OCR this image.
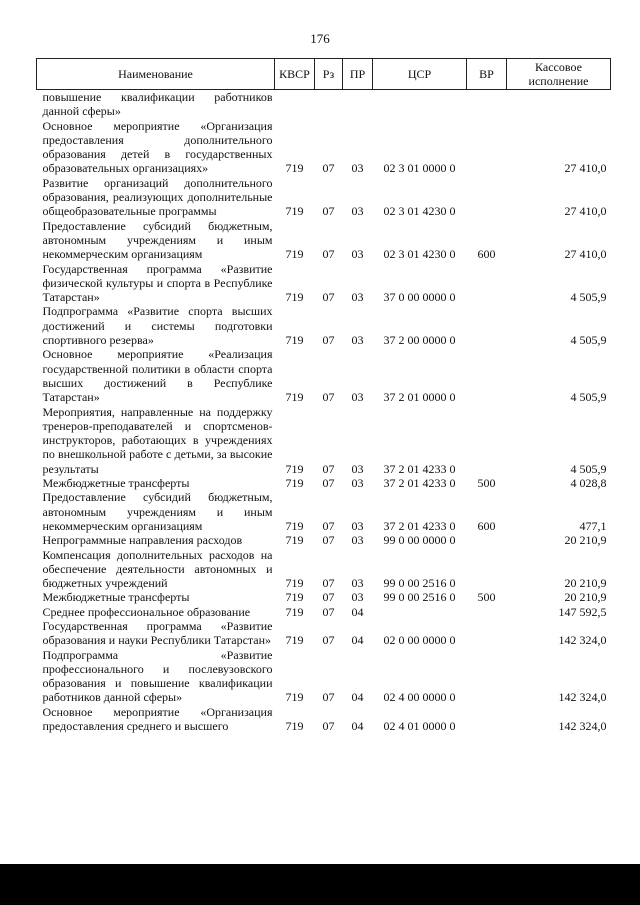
176
Наименование	КВСР	Рз	ПР	ЦСР	ВР	Кассовое исполнение
повышение квалификации работников данной сферы»						
Основное мероприятие «Организация предоставления дополнительного образования детей в государственных образовательных организациях»	719	07	03	02 3 01 0000 0		27 410,0
Развитие организаций дополнительного образования, реализующих дополнительные общеобразовательные программы	719	07	03	02 3 01 4230 0		27 410,0
Предоставление субсидий бюджетным, автономным учреждениям и иным некоммерческим организациям	719	07	03	02 3 01 4230 0	600	27 410,0
Государственная программа «Развитие физической культуры и спорта в Республике Татарстан»	719	07	03	37 0 00 0000 0		4 505,9
Подпрограмма «Развитие спорта высших достижений и системы подготовки спортивного резерва»	719	07	03	37 2 00 0000 0		4 505,9
Основное мероприятие «Реализация государственной политики в области спорта высших достижений в Республике Татарстан»	719	07	03	37 2 01 0000 0		4 505,9
Мероприятия, направленные на поддержку тренеров-преподавателей и спортсменов-инструкторов, работающих в учреждениях по внешкольной работе с детьми, за высокие результаты	719	07	03	37 2 01 4233 0		4 505,9
Межбюджетные трансферты	719	07	03	37 2 01 4233 0	500	4 028,8
Предоставление субсидий бюджетным, автономным учреждениям и иным некоммерческим организациям	719	07	03	37 2 01 4233 0	600	477,1
Непрограммные направления расходов	719	07	03	99 0 00 0000 0		20 210,9
Компенсация дополнительных расходов на обеспечение деятельности автономных и бюджетных учреждений	719	07	03	99 0 00 2516 0		20 210,9
Межбюджетные трансферты	719	07	03	99 0 00 2516 0	500	20 210,9
Среднее профессиональное образование	719	07	04			147 592,5
Государственная программа «Развитие образования и науки Республики Татарстан»	719	07	04	02 0 00 0000 0		142 324,0
Подпрограмма «Развитие профессионального и послевузовского образования и повышение квалификации работников данной сферы»	719	07	04	02 4 00 0000 0		142 324,0
Основное мероприятие «Организация предоставления среднего и высшего	719	07	04	02 4 01 0000 0		142 324,0
